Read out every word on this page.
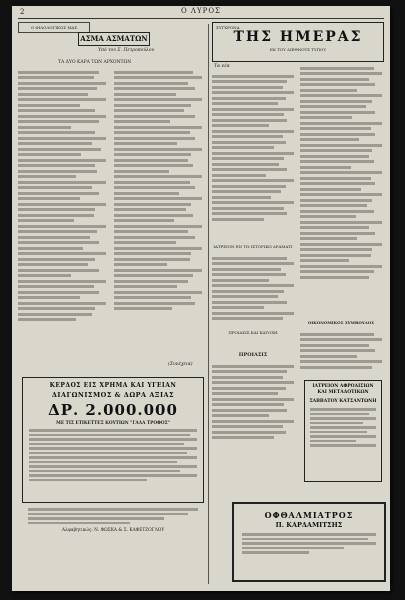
2	Ο ΛΥΡΟΣ
Ο ΦΙΛΟΛΟΓΙΚΟΣ ΜΑΣ
ΑΣΜΑ ΑΣΜΑΤΩΝ
Υπό του Σ. Πετροπούλου
ΤΑ ΔΥΟ ΚΑΡΑ ΤΩΝ ΑΡΧΟΝΤΩΝ
(Συνέχεια)
ΚΕΡΔΟΣ ΕΙΣ ΧΡΗΜΑ ΚΑΙ ΥΓΕΙΑΝ
ΔΙΑΓΩΝΙΣΜΟΣ & ΔΩΡΑ ΑΞΙΑΣ
ΔΡ. 2.000.000
ΜΕ ΤΙΣ ΕΤΙΚΕΤΤΕΣ ΚΟΥΤΙΩΝ "ΓΑΛΑ ΤΡΟΦΟΣ"
Αλφαβητικώς: Ν. ΦΩΣΚΑ & Σ. ΚΑΦΕΤΖΟΓΛΟΥ
ΣΥΓΧΡΟΝΑ
ΤΗΣ ΗΜΕΡΑΣ
ΕΚ ΤΟΥ ΔΙΕΘΝΟΥΣ ΤΥΠΟΥ
Τα νέα
ΙΑΤΡΕΙΟΝ ΕΝ ΤΩ ΙΣΤΟΡΙΚΩ ΔΡΑΜΑΤΙ
ΠΡΟΙΑΣΙΣ ΚΑΙ ΚΑΤΟΧΗ
ΠΡΟΙΑΣΙΣ
ΟΙΚΟΝΟΜΙΚΟΣ ΣΥΜΒΟΥΛΟΣ
ΙΑΤΡΕΙΟΝ ΑΦΡΟΔΙΣΙΩΝ ΚΑΙ ΜΕΤΑΔΟΤΙΚΩΝ
ΣΑΒΒΑΤΟΥ ΚΑΤΣΑΝΤΩΝΗ
ΟΦΘΑΛΜΙΑΤΡΟΣ
Π. ΚΑΡΔΑΜΙΤΣΗΣ
